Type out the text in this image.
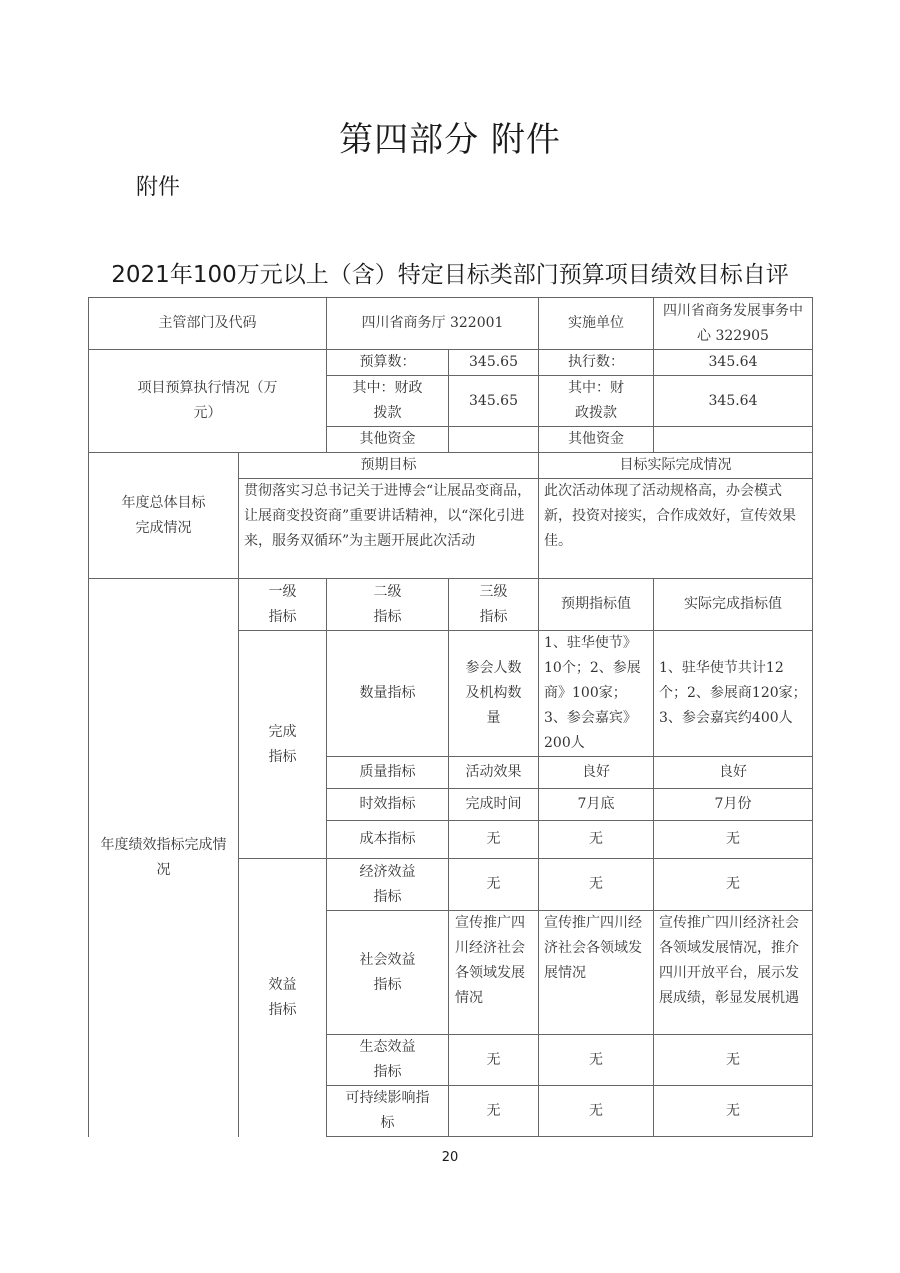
第四部分 附件
附件
2021年100万元以上（含）特定目标类部门预算项目绩效目标自评
主管部门及代码		四川省商务厅 322001		实施单位	四川省商务发展事务中心 322905
项目预算执行情况（万元）		预算数：	345.65	执行数：	345.64
		其中：财政拨款	345.65	其中：财政拨款	345.64
		其他资金		其他资金	
年度总体目标完成情况	预期目标			目标实际完成情况	
	贯彻落实习总书记关于进博会“让展品变商品，让展商变投资商”重要讲话精神，以“深化引进来，服务双循环”为主题开展此次活动			此次活动体现了活动规格高，办会模式新，投资对接实，合作成效好，宣传效果佳。	
年度绩效指标完成情况	一级指标	二级指标	三级指标	预期指标值	实际完成指标值
	完成指标	数量指标	参会人数及机构数量	1、驻华使节》10个；2、参展商》100家；3、参会嘉宾》200人	1、驻华使节共计12个；2、参展商120家；3、参会嘉宾约400人
		质量指标	活动效果	良好	良好
		时效指标	完成时间	7月底	7月份
		成本指标	无	无	无
	效益指标	经济效益指标	无	无	无
		社会效益指标	宣传推广四川经济社会各领域发展情况	宣传推广四川经济社会各领域发展情况	宣传推广四川经济社会各领域发展情况，推介四川开放平台，展示发展成绩，彰显发展机遇
		生态效益指标	无	无	无
		可持续影响指标	无	无	无
20
